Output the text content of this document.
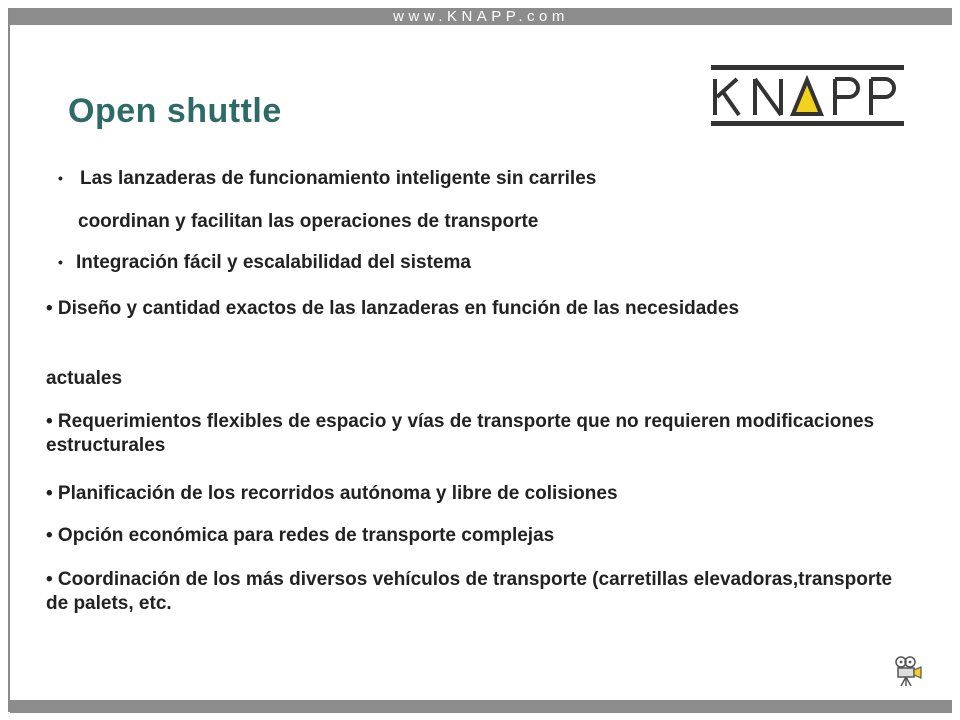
www.KNAPP.com
Open shuttle
• Las lanzaderas de funcionamiento inteligente sin carriles

coordinan y facilitan las operaciones de transporte

• Integración fácil y escalabilidad del sistema

• Diseño y cantidad exactos de las lanzaderas en función de las necesidades

actuales

• Requerimientos flexibles de espacio y vías de transporte que no requieren modificaciones estructurales

• Planificación de los recorridos autónoma y libre de colisiones

• Opción económica para redes de transporte complejas

• Coordinación de los más diversos vehículos de transporte (carretillas elevadoras,transporte de palets, etc.
